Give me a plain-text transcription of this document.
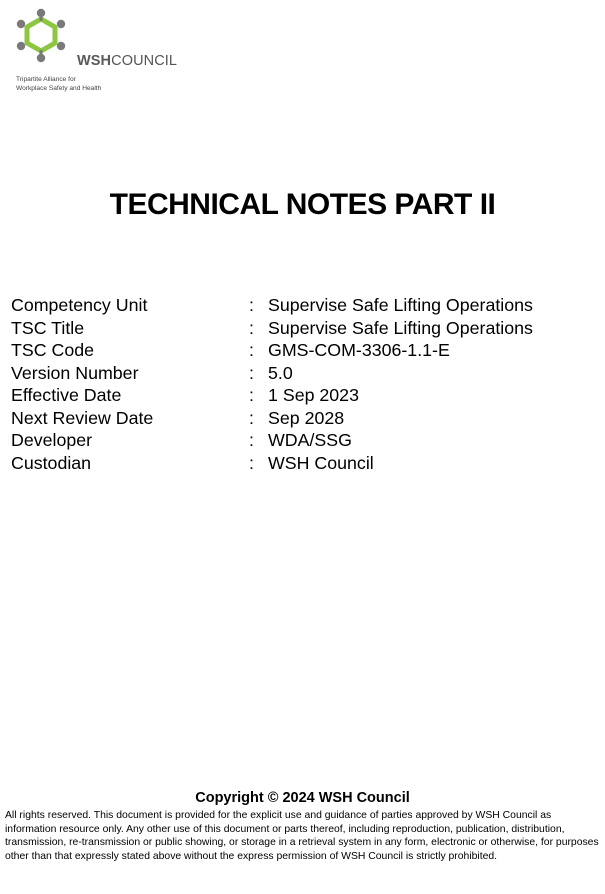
WSHCOUNCIL
Tripartite Alliance for
Workplace Safety and Health
TECHNICAL NOTES PART II
Competency Unit	: Supervise Safe Lifting Operations
TSC Title	: Supervise Safe Lifting Operations
TSC Code	: GMS-COM-3306-1.1-E
Version Number	: 5.0
Effective Date	: 1 Sep 2023
Next Review Date	: Sep 2028
Developer	: WDA/SSG
Custodian	: WSH Council
Copyright © 2024 WSH Council

All rights reserved. This document is provided for the explicit use and guidance of parties approved by WSH Council as information resource only. Any other use of this document or parts thereof, including reproduction, publication, distribution, transmission, re-transmission or public showing, or storage in a retrieval system in any form, electronic or otherwise, for purposes other than that expressly stated above without the express permission of WSH Council is strictly prohibited.
